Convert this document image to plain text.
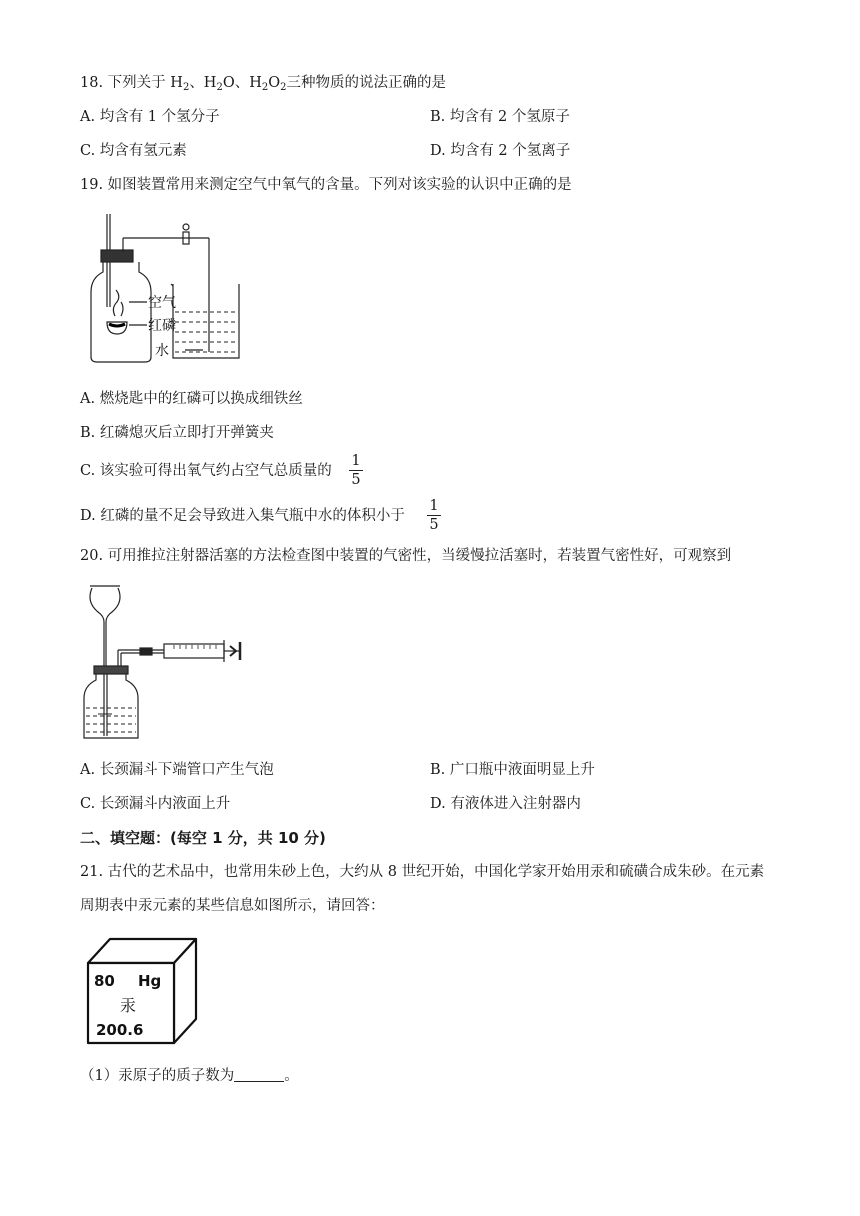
18. 下列关于 $H_2$、$H_2O$、$H_2O_2$三种物质的说法正确的是
A. 均含有 1 个氢分子	B. 均含有 2 个氢原子
C. 均含有氢元素	D. 均含有 2 个氢离子
19. 如图装置常用来测定空气中氧气的含量。下列对该实验的认识中正确的是
空气
红磷
水
A. 燃烧匙中的红磷可以换成细铁丝
B. 红磷熄灭后立即打开弹簧夹
C. 该实验可得出氧气约占空气总质量的 $\frac{1}{5}$
D. 红磷的量不足会导致进入集气瓶中水的体积小于 $\frac{1}{5}$
20. 可用推拉注射器活塞的方法检查图中装置的气密性，当缓慢拉活塞时，若装置气密性好，可观察到
A. 长颈漏斗下端管口产生气泡	B. 广口瓶中液面明显上升
C. 长颈漏斗内液面上升	D. 有液体进入注射器内
二、填空题：(每空 1 分，共 10 分)
21. 古代的艺术品中，也常用朱砂上色，大约从 8 世纪开始，中国化学家开始用汞和硫磺合成朱砂。在元素
周期表中汞元素的某些信息如图所示，请回答：
80 Hg
汞
200.6
（1）汞原子的质子数为	。
